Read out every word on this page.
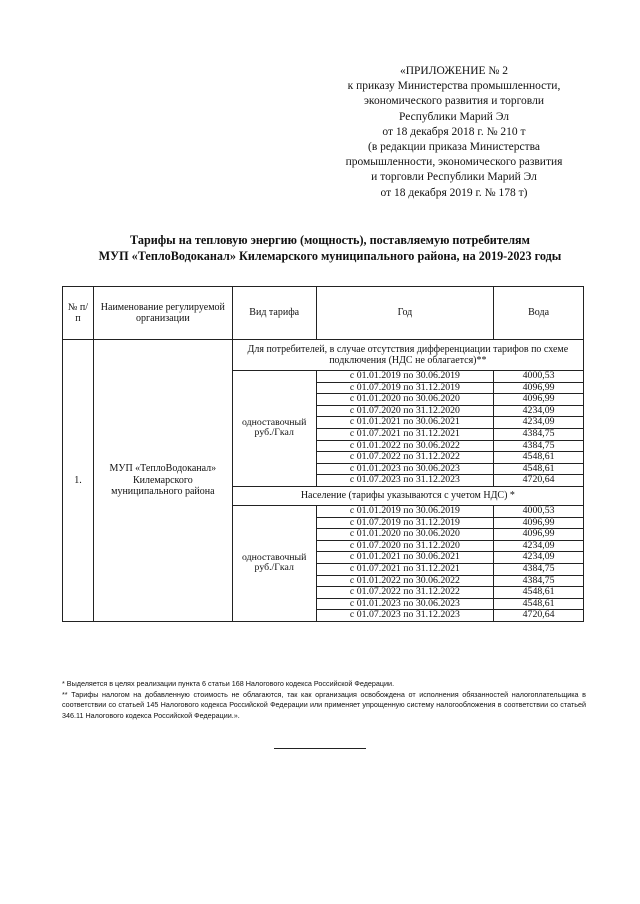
«ПРИЛОЖЕНИЕ № 2
к приказу Министерства промышленности,
экономического развития и торговли
Республики Марий Эл
от 18 декабря 2018 г. № 210 т
(в редакции приказа Министерства
промышленности, экономического развития
и торговли Республики Марий Эл
от 18 декабря 2019 г. № 178 т)
Тарифы на тепловую энергию (мощность), поставляемую потребителям
МУП «ТеплоВодоканал» Килемарского муниципального района, на 2019-2023 годы
№ п/п	Наименование регулируемой организации	Вид тарифа	Год	Вода
1.	МУП «ТеплоВодоканал» Килемарского муниципального района	Для потребителей, в случае отсутствия дифференциации тарифов по схеме подключения (НДС не облагается)**		
		одноставочный руб./Гкал	с 01.01.2019 по 30.06.2019	4000,53
			с 01.07.2019 по 31.12.2019	4096,99
			с 01.01.2020 по 30.06.2020	4096,99
			с 01.07.2020 по 31.12.2020	4234,09
			с 01.01.2021 по 30.06.2021	4234,09
			с 01.07.2021 по 31.12.2021	4384,75
			с 01.01.2022 по 30.06.2022	4384,75
			с 01.07.2022 по 31.12.2022	4548,61
			с 01.01.2023 по 30.06.2023	4548,61
			с 01.07.2023 по 31.12.2023	4720,64
		Население (тарифы указываются с учетом НДС) *		
		одноставочный руб./Гкал	с 01.01.2019 по 30.06.2019	4000,53
			с 01.07.2019 по 31.12.2019	4096,99
			с 01.01.2020 по 30.06.2020	4096,99
			с 01.07.2020 по 31.12.2020	4234,09
			с 01.01.2021 по 30.06.2021	4234,09
			с 01.07.2021 по 31.12.2021	4384,75
			с 01.01.2022 по 30.06.2022	4384,75
			с 01.07.2022 по 31.12.2022	4548,61
			с 01.01.2023 по 30.06.2023	4548,61
			с 01.07.2023 по 31.12.2023	4720,64

* Выделяется в целях реализации пункта 6 статьи 168 Налогового кодекса Российской Федерации.

** Тарифы налогом на добавленную стоимость не облагаются, так как организация освобождена от исполнения обязанностей налогоплательщика в соответствии со статьей 145 Налогового кодекса Российской Федерации или применяет упрощенную систему налогообложения в соответствии со статьей 346.11 Налогового кодекса Российской Федерации.».
